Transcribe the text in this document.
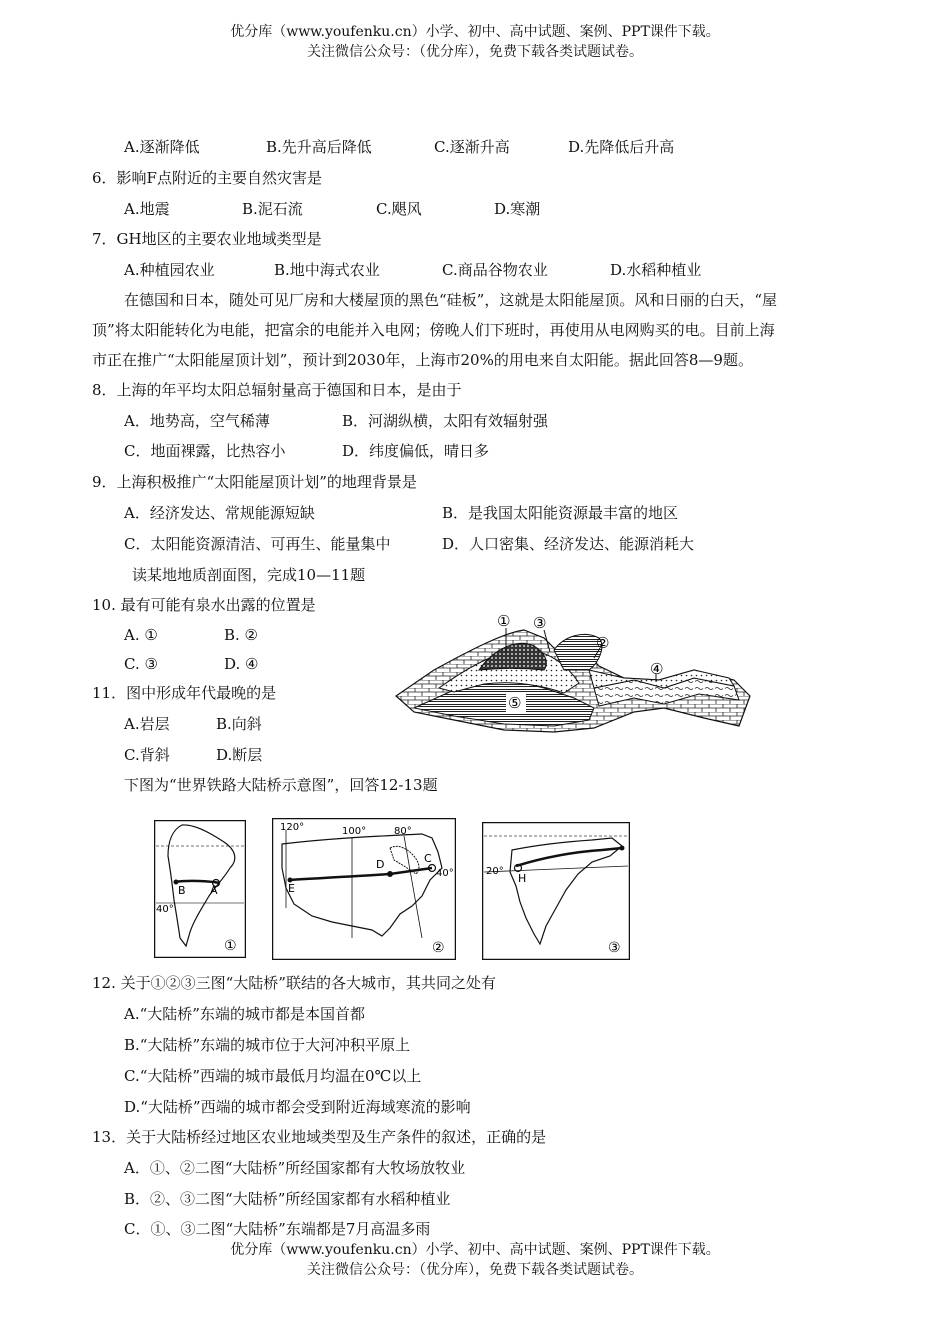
优分库（www.youfenku.cn）小学、初中、高中试题、案例、PPT课件下载。
关注微信公众号：（优分库），免费下载各类试题试卷。
A.逐渐降低	B.先升高后降低	C.逐渐升高	D.先降低后升高
6．影响F点附近的主要自然灾害是
A.地震	B.泥石流	C.飓风	D.寒潮
7．GH地区的主要农业地域类型是
A.种植园农业	B.地中海式农业	C.商品谷物农业	D.水稻种植业
在德国和日本，随处可见厂房和大楼屋顶的黑色“硅板”，这就是太阳能屋顶。风和日丽的白天，“屋
顶”将太阳能转化为电能，把富余的电能并入电网；傍晚人们下班时，再使用从电网购买的电。目前上海
市正在推广“太阳能屋顶计划”，预计到2030年，上海市20%的用电来自太阳能。据此回答8—9题。
8．上海的年平均太阳总辐射量高于德国和日本，是由于
A．地势高，空气稀薄	B．河湖纵横，太阳有效辐射强
C．地面裸露，比热容小	D．纬度偏低，晴日多
9．上海积极推广“太阳能屋顶计划”的地理背景是
A．经济发达、常规能源短缺	B．是我国太阳能资源最丰富的地区
C．太阳能资源清洁、可再生、能量集中	D．人口密集、经济发达、能源消耗大
读某地地质剖面图，完成10—11题
10. 最有可能有泉水出露的位置是
A. ①	B. ②
C. ③	D. ④
11．图中形成年代最晚的是
A.岩层	B.向斜
C.背斜	D.断层
① ③
②
④
⑤
下图为“世界铁路大陆桥示意图”，回答12-13题
B A
40°
①
120°	100°	80°
D	C
E
40°
②
20°
H
③
12. 关于①②③三图“大陆桥”联结的各大城市，其共同之处有
A.“大陆桥”东端的城市都是本国首都
B.“大陆桥”东端的城市位于大河冲积平原上
C.“大陆桥”西端的城市最低月均温在0℃以上
D.“大陆桥”西端的城市都会受到附近海域寒流的影响
13．关于大陆桥经过地区农业地域类型及生产条件的叙述，正确的是
A．①、②二图“大陆桥”所经国家都有大牧场放牧业
B．②、③二图“大陆桥”所经国家都有水稻种植业
C．①、③二图“大陆桥”东端都是7月高温多雨
优分库（www.youfenku.cn）小学、初中、高中试题、案例、PPT课件下载。
关注微信公众号：（优分库），免费下载各类试题试卷。
